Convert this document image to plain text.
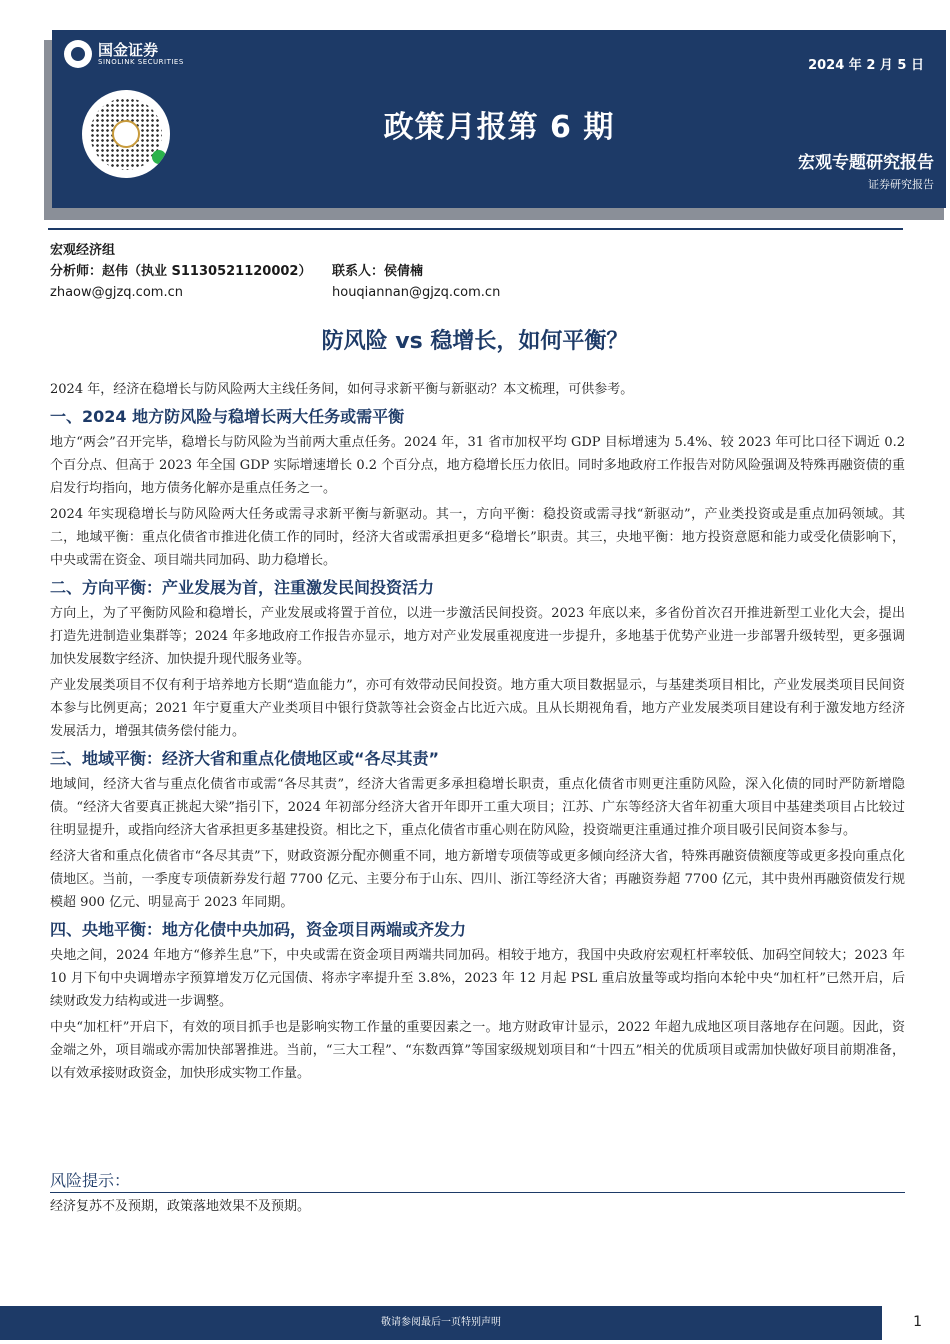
国金证券
SINOLINK SECURITIES	2024 年 2 月 5 日
政策月报第 6 期
宏观专题研究报告
证券研究报告
宏观经济组
分析师：赵伟（执业 S1130521120002）	联系人：侯倩楠
zhaow@gjzq.com.cn	houqiannan@gjzq.com.cn
防风险 vs 稳增长，如何平衡？

2024 年，经济在稳增长与防风险两大主线任务间，如何寻求新平衡与新驱动？本文梳理，可供参考。

一、2024 地方防风险与稳增长两大任务或需平衡

地方“两会”召开完毕，稳增长与防风险为当前两大重点任务。2024 年，31 省市加权平均 GDP 目标增速为 5.4%、较 2023 年可比口径下调近 0.2 个百分点、但高于 2023 年全国 GDP 实际增速增长 0.2 个百分点，地方稳增长压力依旧。同时多地政府工作报告对防风险强调及特殊再融资债的重启发行均指向，地方债务化解亦是重点任务之一。

2024 年实现稳增长与防风险两大任务或需寻求新平衡与新驱动。其一，方向平衡：稳投资或需寻找“新驱动”，产业类投资或是重点加码领域。其二，地域平衡：重点化债省市推进化债工作的同时，经济大省或需承担更多“稳增长”职责。其三，央地平衡：地方投资意愿和能力或受化债影响下，中央或需在资金、项目端共同加码、助力稳增长。

二、方向平衡：产业发展为首，注重激发民间投资活力

方向上，为了平衡防风险和稳增长，产业发展或将置于首位，以进一步激活民间投资。2023 年底以来，多省份首次召开推进新型工业化大会，提出打造先进制造业集群等；2024 年多地政府工作报告亦显示，地方对产业发展重视度进一步提升，多地基于优势产业进一步部署升级转型，更多强调加快发展数字经济、加快提升现代服务业等。

产业发展类项目不仅有利于培养地方长期“造血能力”，亦可有效带动民间投资。地方重大项目数据显示，与基建类项目相比，产业发展类项目民间资本参与比例更高；2021 年宁夏重大产业类项目中银行贷款等社会资金占比近六成。且从长期视角看，地方产业发展类项目建设有利于激发地方经济发展活力，增强其债务偿付能力。

三、地域平衡：经济大省和重点化债地区或“各尽其责”

地域间，经济大省与重点化债省市或需“各尽其责”，经济大省需更多承担稳增长职责，重点化债省市则更注重防风险，深入化债的同时严防新增隐债。“经济大省要真正挑起大梁”指引下，2024 年初部分经济大省开年即开工重大项目；江苏、广东等经济大省年初重大项目中基建类项目占比较过往明显提升，或指向经济大省承担更多基建投资。相比之下，重点化债省市重心则在防风险，投资端更注重通过推介项目吸引民间资本参与。

经济大省和重点化债省市“各尽其责”下，财政资源分配亦侧重不同，地方新增专项债等或更多倾向经济大省，特殊再融资债额度等或更多投向重点化债地区。当前，一季度专项债新券发行超 7700 亿元、主要分布于山东、四川、浙江等经济大省；再融资券超 7700 亿元，其中贵州再融资债发行规模超 900 亿元、明显高于 2023 年同期。

四、央地平衡：地方化债中央加码，资金项目两端或齐发力

央地之间，2024 年地方“修养生息”下，中央或需在资金项目两端共同加码。相较于地方，我国中央政府宏观杠杆率较低、加码空间较大；2023 年 10 月下旬中央调增赤字预算增发万亿元国债、将赤字率提升至 3.8%，2023 年 12 月起 PSL 重启放量等或均指向本轮中央“加杠杆”已然开启，后续财政发力结构或进一步调整。

中央“加杠杆”开启下，有效的项目抓手也是影响实物工作量的重要因素之一。地方财政审计显示，2022 年超九成地区项目落地存在问题。因此，资金端之外，项目端或亦需加快部署推进。当前，“三大工程”、“东数西算”等国家级规划项目和“十四五”相关的优质项目或需加快做好项目前期准备，以有效承接财政资金，加快形成实物工作量。

风险提示：
经济复苏不及预期，政策落地效果不及预期。
敬请参阅最后一页特别声明	1
